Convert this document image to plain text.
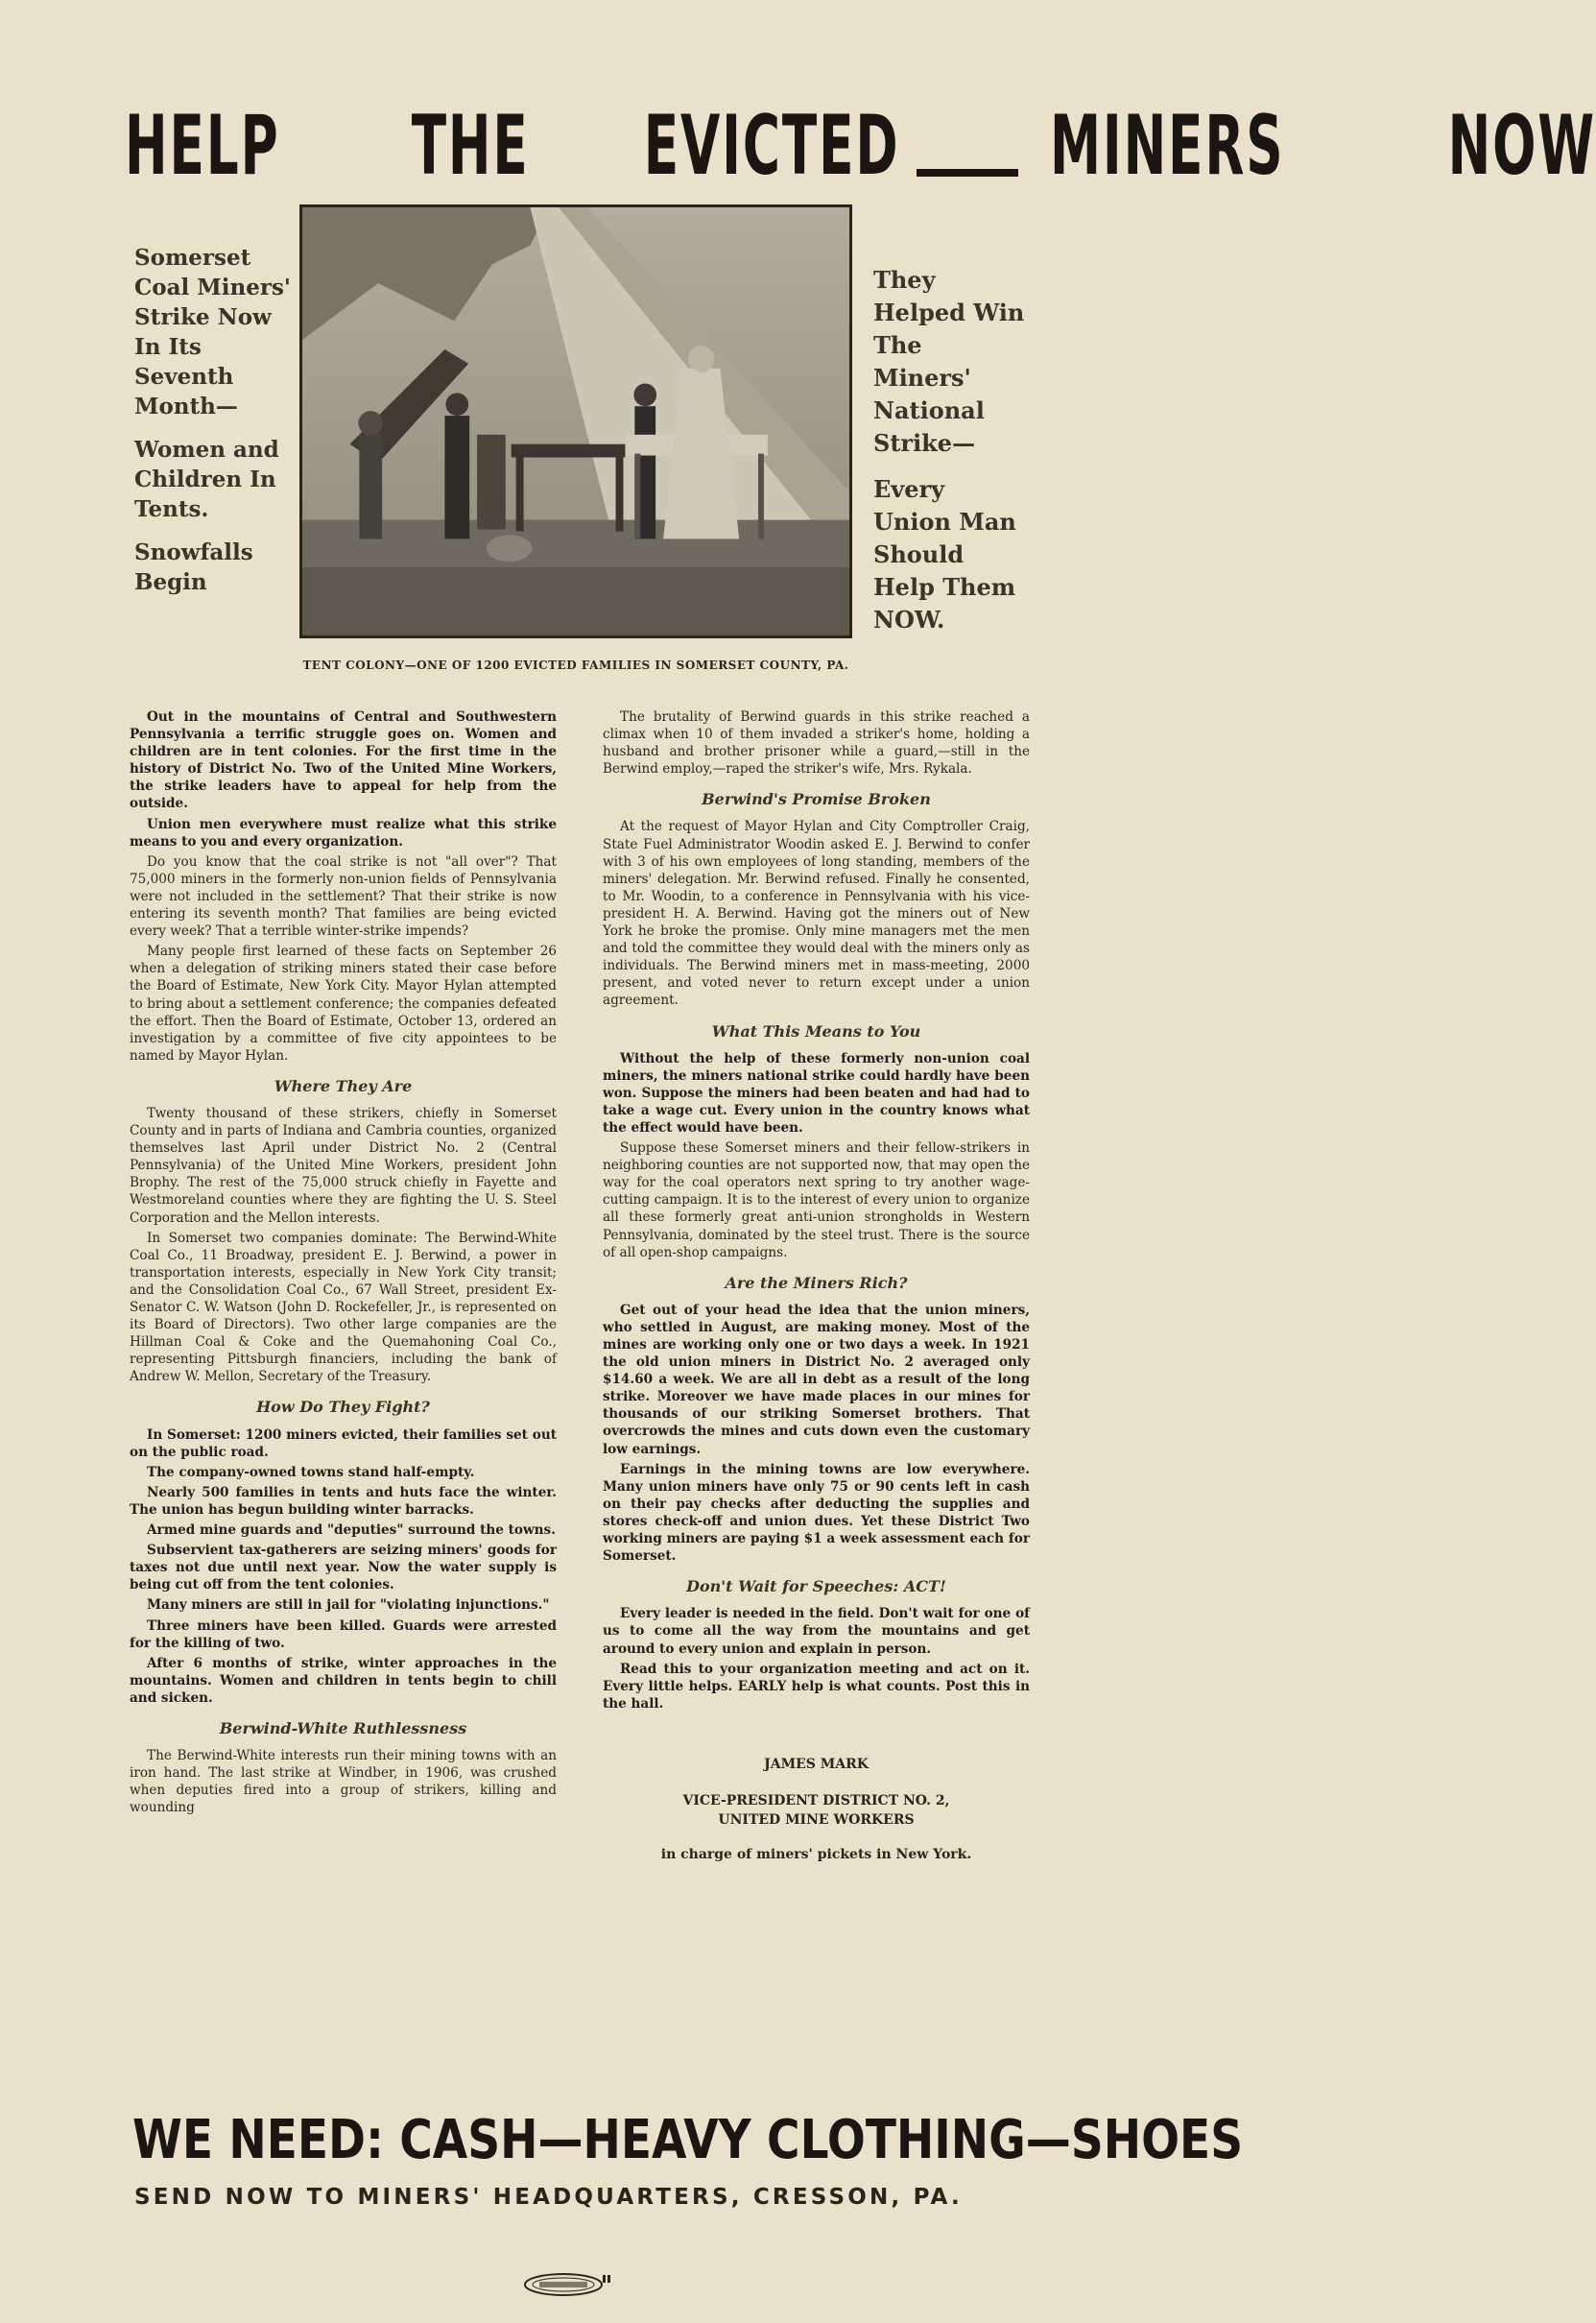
HELP THE EVICTED MINERS NOW

Somerset Coal Miners' Strike Now In Its Seventh Month—

Women and Children In Tents.

Snowfalls Begin

They Helped Win The Miners' National Strike—

Every Union Man Should Help Them NOW.

TENT COLONY—ONE OF 1200 EVICTED FAMILIES IN SOMERSET COUNTY, PA.

Out in the mountains of Central and Southwestern Pennsylvania a terrific struggle goes on. Women and children are in tent colonies. For the first time in the history of District No. Two of the United Mine Workers, the strike leaders have to appeal for help from the outside.

Union men everywhere must realize what this strike means to you and every organization.

Do you know that the coal strike is not "all over"? That 75,000 miners in the formerly non-union fields of Pennsylvania were not included in the settlement? That their strike is now entering its seventh month? That families are being evicted every week? That a terrible winter-strike impends?

Many people first learned of these facts on September 26 when a delegation of striking miners stated their case before the Board of Estimate, New York City. Mayor Hylan attempted to bring about a settlement conference; the companies defeated the effort. Then the Board of Estimate, October 13, ordered an investigation by a committee of five city appointees to be named by Mayor Hylan.

Where They Are

Twenty thousand of these strikers, chiefly in Somerset County and in parts of Indiana and Cambria counties, organized themselves last April under District No. 2 (Central Pennsylvania) of the United Mine Workers, president John Brophy. The rest of the 75,000 struck chiefly in Fayette and Westmoreland counties where they are fighting the U. S. Steel Corporation and the Mellon interests.

In Somerset two companies dominate: The Berwind-White Coal Co., 11 Broadway, president E. J. Berwind, a power in transportation interests, especially in New York City transit; and the Consolidation Coal Co., 67 Wall Street, president Ex-Senator C. W. Watson (John D. Rockefeller, Jr., is represented on its Board of Directors). Two other large companies are the Hillman Coal & Coke and the Quemahoning Coal Co., representing Pittsburgh financiers, including the bank of Andrew W. Mellon, Secretary of the Treasury.

How Do They Fight?

In Somerset: 1200 miners evicted, their families set out on the public road.

The company-owned towns stand half-empty.

Nearly 500 families in tents and huts face the winter. The union has begun building winter barracks.

Armed mine guards and "deputies" surround the towns.

Subservient tax-gatherers are seizing miners' goods for taxes not due until next year. Now the water supply is being cut off from the tent colonies.

Many miners are still in jail for "violating injunctions."

Three miners have been killed. Guards were arrested for the killing of two.

After 6 months of strike, winter approaches in the mountains. Women and children in tents begin to chill and sicken.

Berwind-White Ruthlessness

The Berwind-White interests run their mining towns with an iron hand. The last strike at Windber, in 1906, was crushed when deputies fired into a group of strikers, killing and wounding

The brutality of Berwind guards in this strike reached a climax when 10 of them invaded a striker's home, holding a husband and brother prisoner while a guard,—still in the Berwind employ,—raped the striker's wife, Mrs. Rykala.

Berwind's Promise Broken

At the request of Mayor Hylan and City Comptroller Craig, State Fuel Administrator Woodin asked E. J. Berwind to confer with 3 of his own employees of long standing, members of the miners' delegation. Mr. Berwind refused. Finally he consented, to Mr. Woodin, to a conference in Pennsylvania with his vice-president H. A. Berwind. Having got the miners out of New York he broke the promise. Only mine managers met the men and told the committee they would deal with the miners only as individuals. The Berwind miners met in mass-meeting, 2000 present, and voted never to return except under a union agreement.

What This Means to You

Without the help of these formerly non-union coal miners, the miners national strike could hardly have been won. Suppose the miners had been beaten and had had to take a wage cut. Every union in the country knows what the effect would have been.

Suppose these Somerset miners and their fellow-strikers in neighboring counties are not supported now, that may open the way for the coal operators next spring to try another wage-cutting campaign. It is to the interest of every union to organize all these formerly great anti-union strongholds in Western Pennsylvania, dominated by the steel trust. There is the source of all open-shop campaigns.

Are the Miners Rich?

Get out of your head the idea that the union miners, who settled in August, are making money. Most of the mines are working only one or two days a week. In 1921 the old union miners in District No. 2 averaged only $14.60 a week. We are all in debt as a result of the long strike. Moreover we have made places in our mines for thousands of our striking Somerset brothers. That overcrowds the mines and cuts down even the customary low earnings.

Earnings in the mining towns are low everywhere. Many union miners have only 75 or 90 cents left in cash on their pay checks after deducting the supplies and stores check-off and union dues. Yet these District Two working miners are paying $1 a week assessment each for Somerset.

Don't Wait for Speeches: ACT!

Every leader is needed in the field. Don't wait for one of us to come all the way from the mountains and get around to every union and explain in person.

Read this to your organization meeting and act on it. Every little helps. EARLY help is what counts. Post this in the hall.

JAMES MARK
VICE-PRESIDENT DISTRICT NO. 2,
UNITED MINE WORKERS
in charge of miners' pickets in New York.
WE NEED: CASH—HEAVY CLOTHING—SHOES
SEND NOW TO MINERS' HEADQUARTERS, CRESSON, PA.
